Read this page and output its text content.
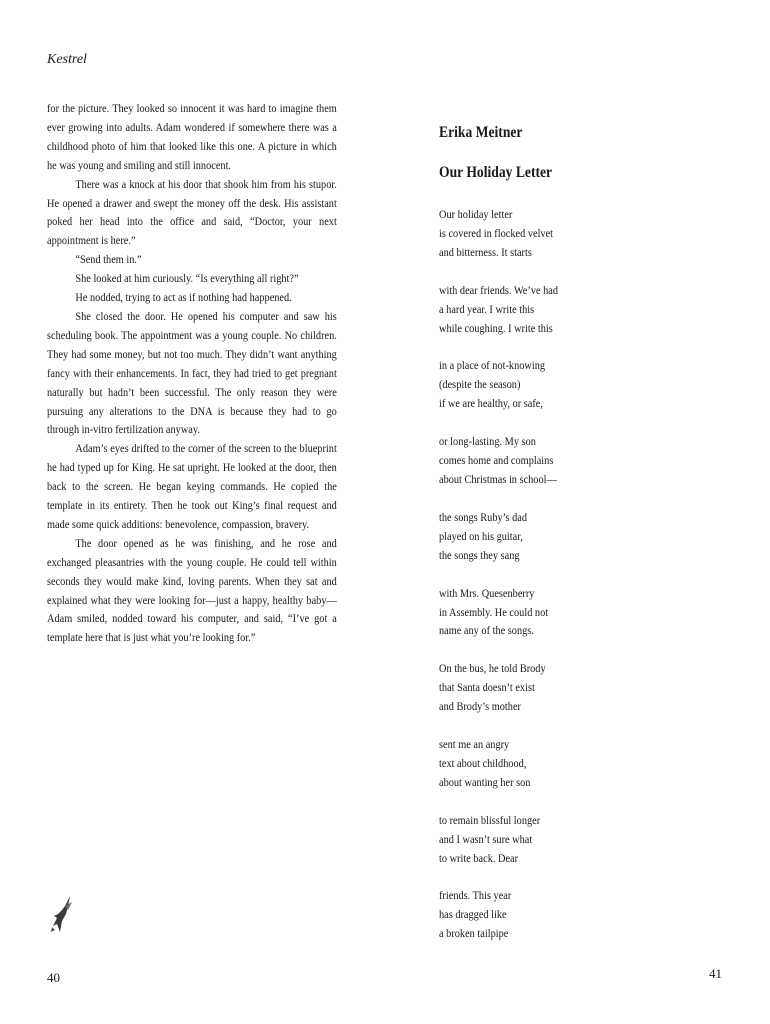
Kestrel

for the picture. They looked so innocent it was hard to imagine them ever growing into adults. Adam wondered if somewhere there was a childhood photo of him that looked like this one. A picture in which he was young and smiling and still innocent.

There was a knock at his door that shook him from his stupor. He opened a drawer and swept the money off the desk. His assistant poked her head into the office and said, “Doctor, your next appointment is here.”

“Send them in.”

She looked at him curiously. “Is everything all right?”

He nodded, trying to act as if nothing had happened.

She closed the door. He opened his computer and saw his scheduling book. The appointment was a young couple. No children. They had some money, but not too much. They didn’t want anything fancy with their enhancements. In fact, they had tried to get pregnant naturally but hadn’t been successful. The only reason they were pursuing any alterations to the DNA is because they had to go through in-vitro fertilization anyway.

Adam’s eyes drifted to the corner of the screen to the blueprint he had typed up for King. He sat upright. He looked at the door, then back to the screen. He began keying commands. He copied the template in its entirety. Then he took out King’s final request and made some quick additions: benevolence, compassion, bravery.

The door opened as he was finishing, and he rose and exchanged pleasantries with the young couple. He could tell within seconds they would make kind, loving parents. When they sat and explained what they were looking for—just a happy, healthy baby—Adam smiled, nodded toward his computer, and said, “I’ve got a template here that is just what you’re looking for.”

Erika Meitner
Our Holiday Letter
Our holiday letter
is covered in flocked velvet
and bitterness. It starts
with dear friends. We’ve had
a hard year. I write this
while coughing. I write this
in a place of not-knowing
(despite the season)
if we are healthy, or safe,
or long-lasting. My son
comes home and complains
about Christmas in school—
the songs Ruby’s dad
played on his guitar,
the songs they sang
with Mrs. Quesenberry
in Assembly. He could not
name any of the songs.
On the bus, he told Brody
that Santa doesn’t exist
and Brody’s mother
sent me an angry
text about childhood,
about wanting her son
to remain blissful longer
and I wasn’t sure what
to write back. Dear
friends. This year
has dragged like
a broken tailpipe

40	41
